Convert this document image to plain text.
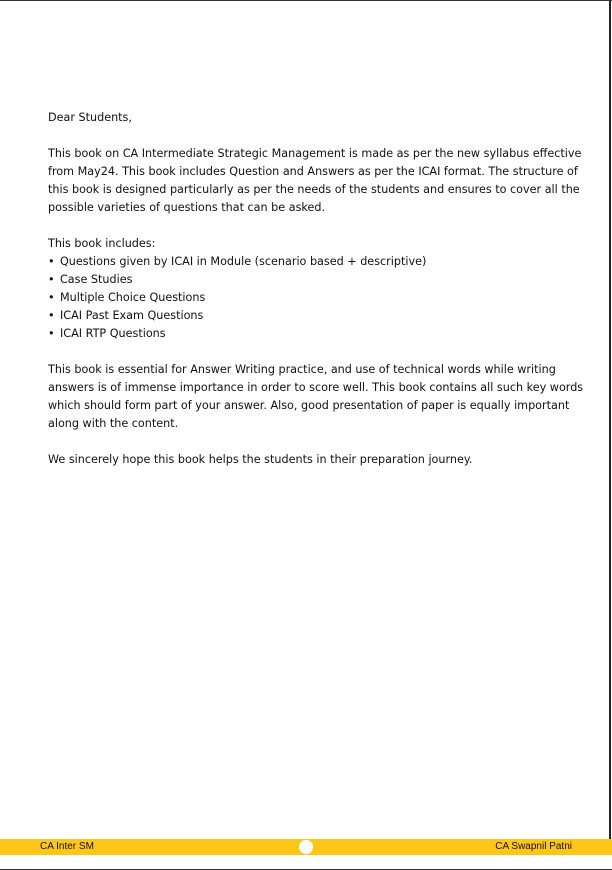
Dear Students,

This book on CA Intermediate Strategic Management is made as per the new syllabus effective from May24. This book includes Question and Answers as per the ICAI format. The structure of this book is designed particularly as per the needs of the students and ensures to cover all the possible varieties of questions that can be asked.

This book includes:
• Questions given by ICAI in Module (scenario based + descriptive)
• Case Studies
• Multiple Choice Questions
• ICAI Past Exam Questions
• ICAI RTP Questions

This book is essential for Answer Writing practice, and use of technical words while writing answers is of immense importance in order to score well. This book contains all such key words which should form part of your answer. Also, good presentation of paper is equally important along with the content.

We sincerely hope this book helps the students in their preparation journey.

CA Inter SM	CA Swapnil Patni
